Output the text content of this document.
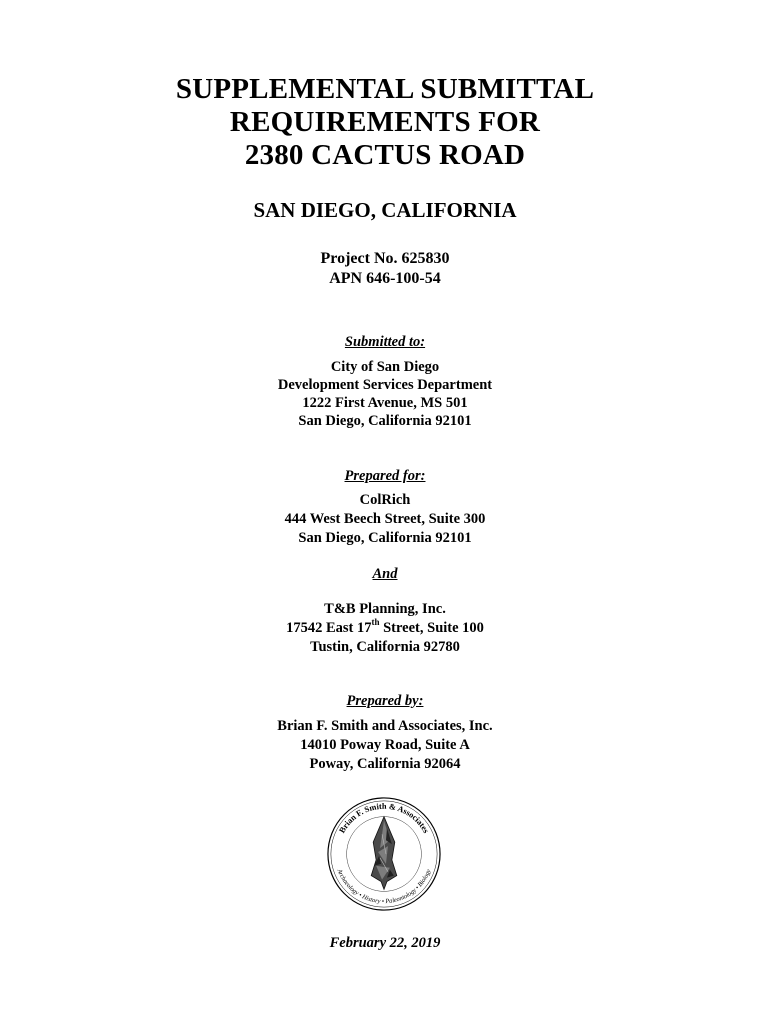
SUPPLEMENTAL SUBMITTAL
REQUIREMENTS FOR
2380 CACTUS ROAD
SAN DIEGO, CALIFORNIA
Project No. 625830
APN 646-100-54
Submitted to:
City of San Diego
Development Services Department
1222 First Avenue, MS 501
San Diego, California 92101
Prepared for:
ColRich
444 West Beech Street, Suite 300
San Diego, California 92101
And
T&B Planning, Inc.
17542 East 17th Street, Suite 100
Tustin, California 92780
Prepared by:
Brian F. Smith and Associates, Inc.
14010 Poway Road, Suite A
Poway, California 92064
Brian F. Smith & Associates
Archaeology • History • Paleontology • Biology
February 22, 2019
